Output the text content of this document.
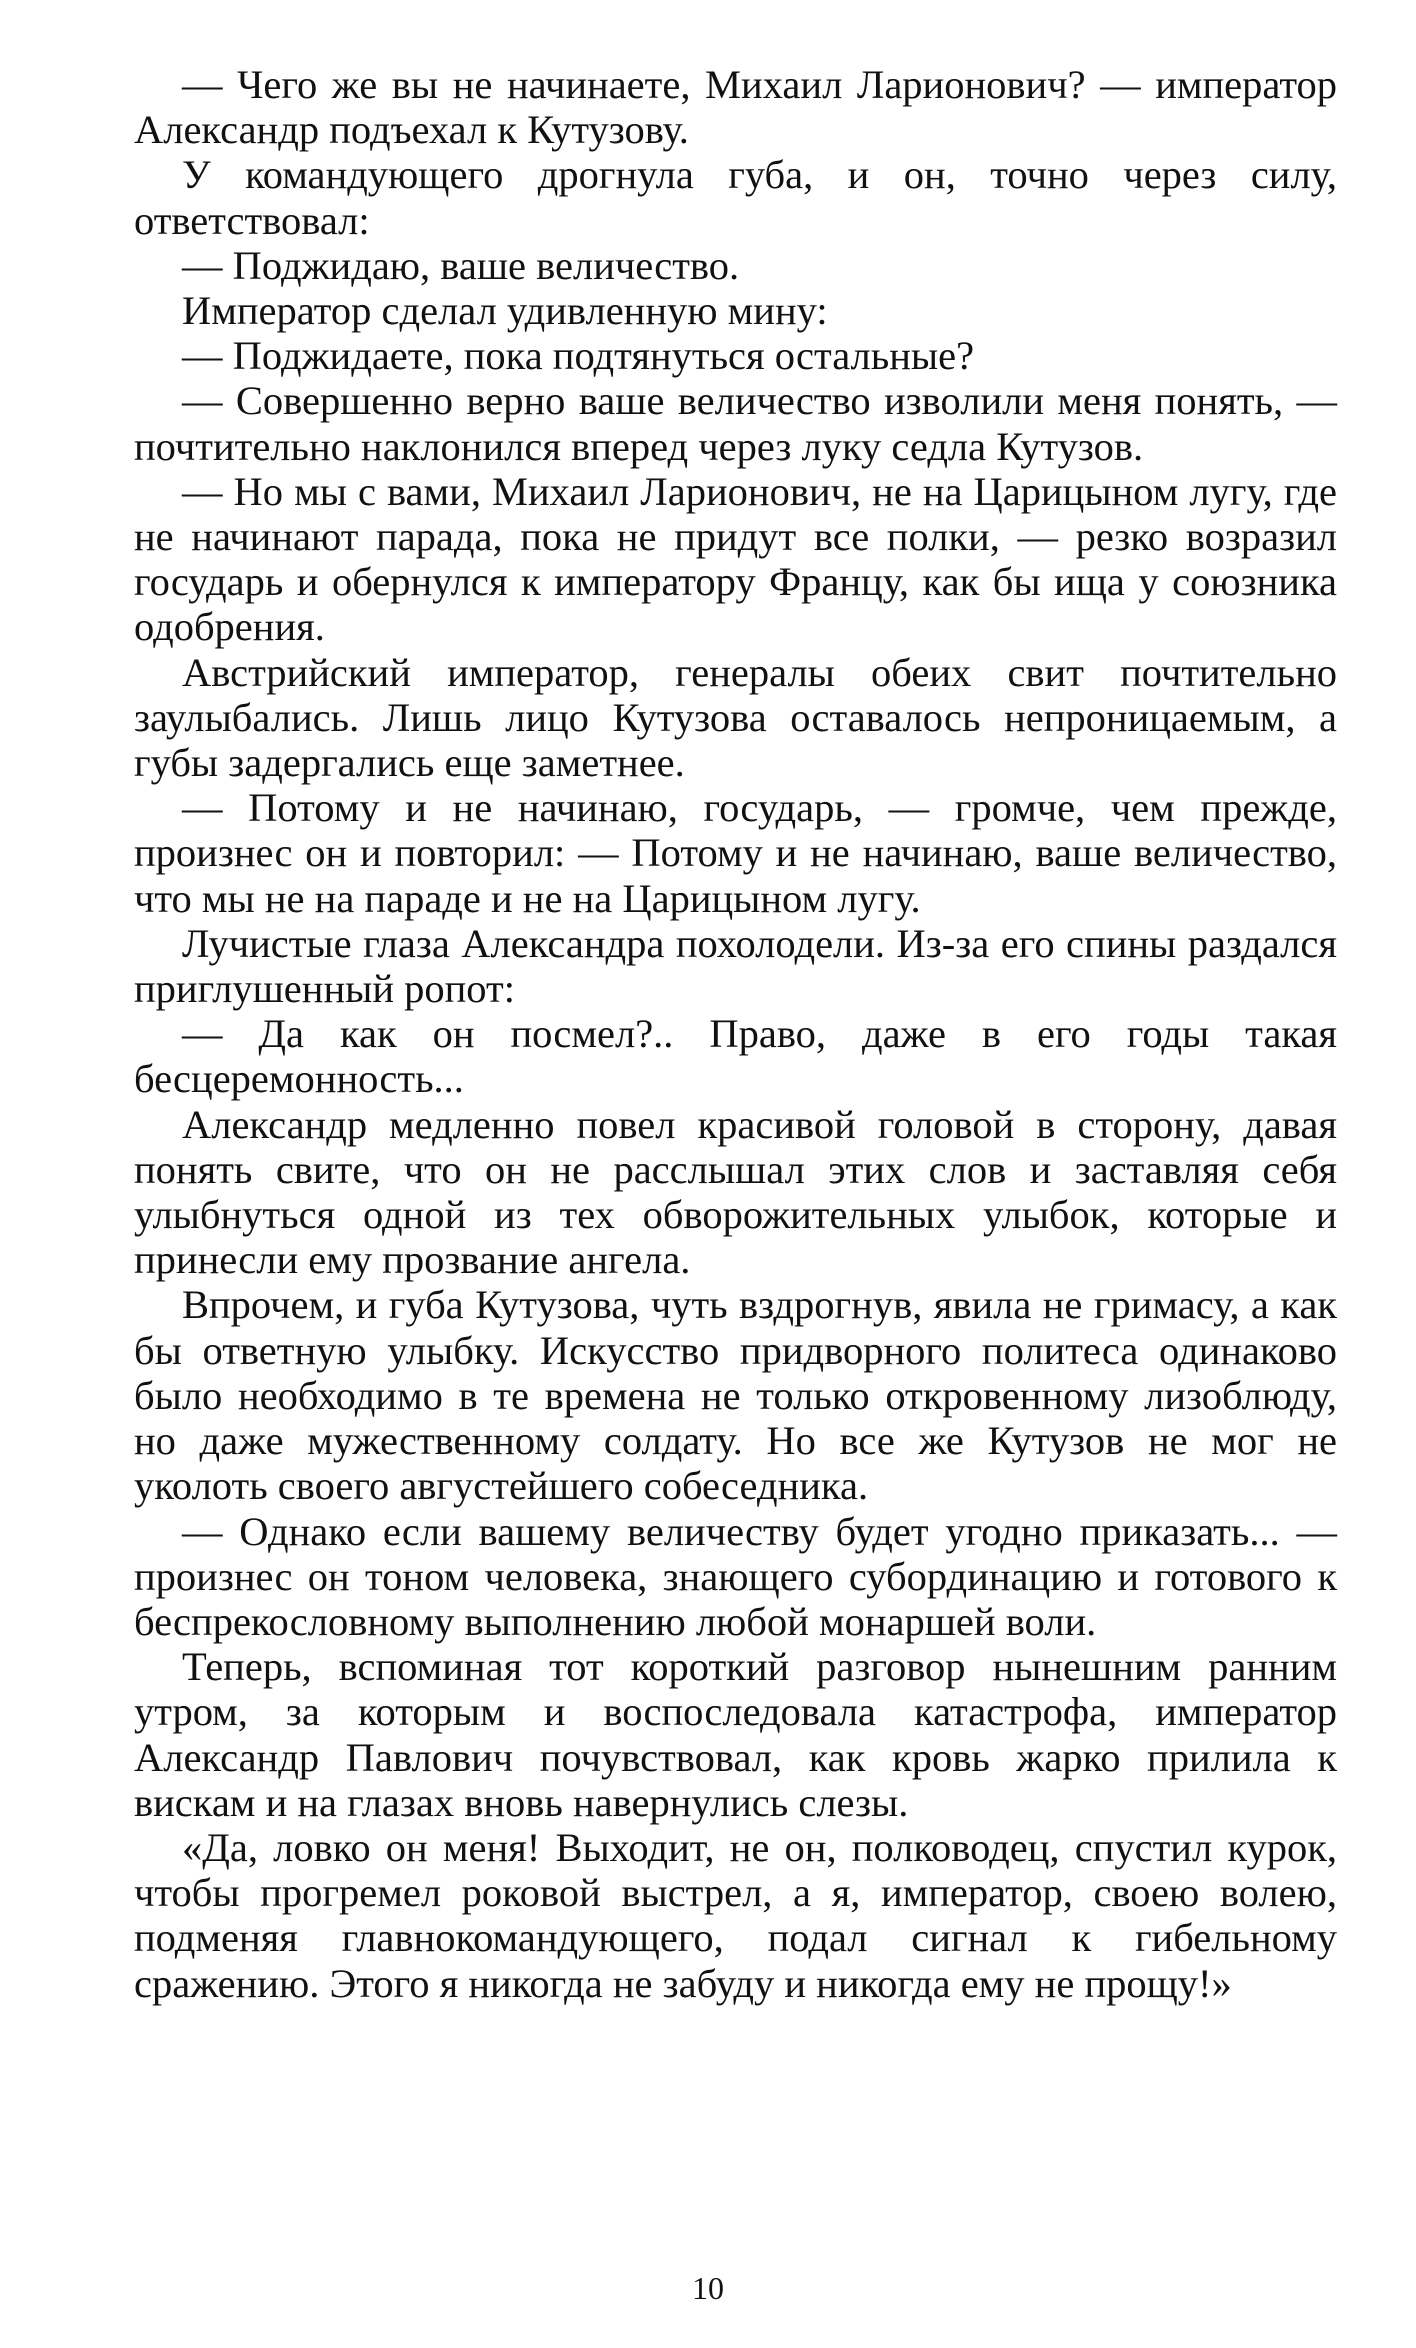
— Чего же вы не начинаете, Михаил Ларионович? — император Александр подъехал к Кутузову.

У командующего дрогнула губа, и он, точно через силу, ответствовал:

— Поджидаю, ваше величество.

Император сделал удивленную мину:

— Поджидаете, пока подтянуться остальные?

— Совершенно верно ваше величество изволили меня понять, — почтительно наклонился вперед через луку седла Кутузов.

— Но мы с вами, Михаил Ларионович, не на Царицыном лугу, где не начинают парада, пока не придут все полки, — резко возразил государь и обернулся к императору Францу, как бы ища у союзника одобрения.

Австрийский император, генералы обеих свит почтительно заулыбались. Лишь лицо Кутузова оставалось непроницаемым, а губы задергались еще заметнее.

— Потому и не начинаю, государь, — громче, чем прежде, произнес он и повторил: — Потому и не начинаю, ваше величество, что мы не на параде и не на Царицыном лугу.

Лучистые глаза Александра похолодели. Из-за его спины раздался приглушенный ропот:

— Да как он посмел?.. Право, даже в его годы такая бесцеремонность...

Александр медленно повел красивой головой в сторону, давая понять свите, что он не расслышал этих слов и заставляя себя улыбнуться одной из тех обворожительных улыбок, которые и принесли ему прозвание ангела.

Впрочем, и губа Кутузова, чуть вздрогнув, явила не гримасу, а как бы ответную улыбку. Искусство придворного политеса одинаково было необходимо в те времена не только откровенному лизоблюду, но даже мужественному солдату. Но все же Кутузов не мог не уколоть своего августейшего собеседника.

— Однако если вашему величеству будет угодно приказать... — произнес он тоном человека, знающего субординацию и готового к беспрекословному выполнению любой монаршей воли.

Теперь, вспоминая тот короткий разговор нынешним ранним утром, за которым и воспоследовала катастрофа, император Александр Павлович почувствовал, как кровь жарко прилила к вискам и на глазах вновь навернулись слезы.

«Да, ловко он меня! Выходит, не он, полководец, спустил курок, чтобы прогремел роковой выстрел, а я, император, своею волею, подменяя главнокомандующего, подал сигнал к гибельному сражению. Этого я никогда не забуду и никогда ему не прощу!»

10
